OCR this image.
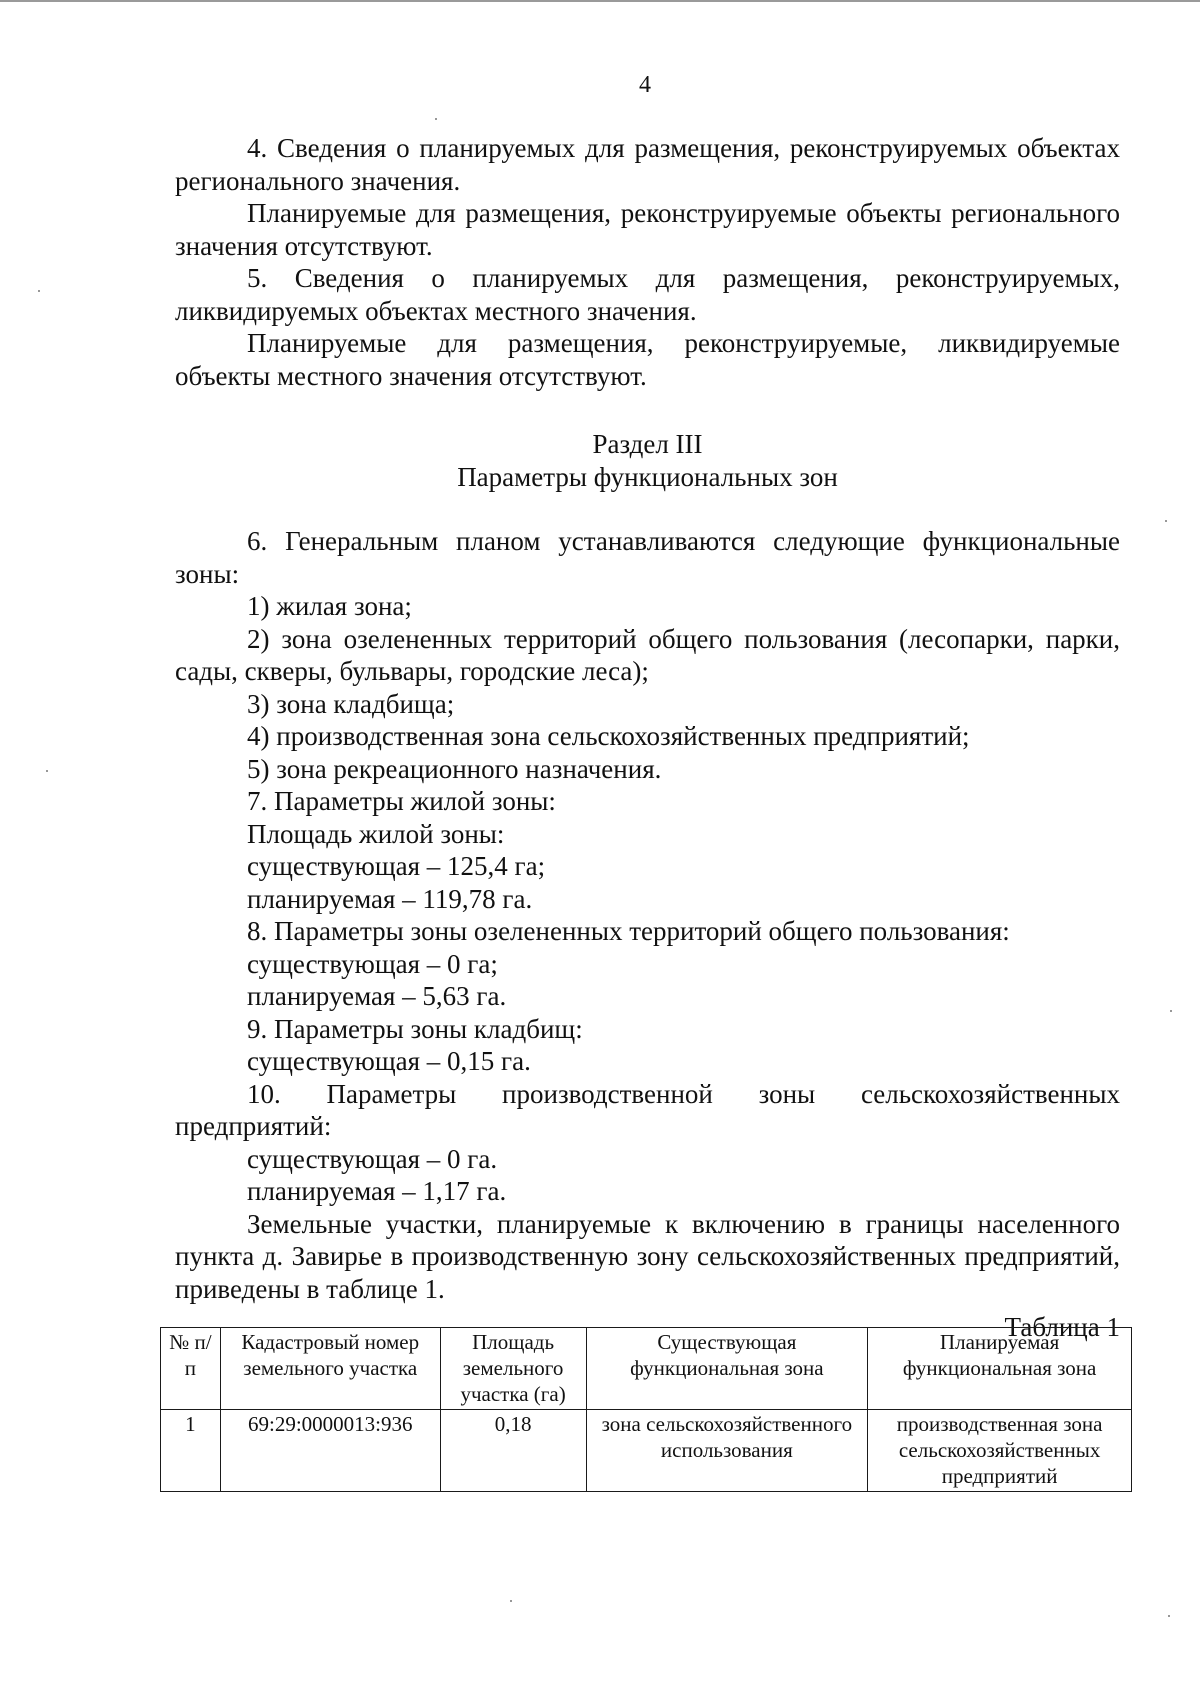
4

4. Сведения о планируемых для размещения, реконструируемых объектах регионального значения.

Планируемые для размещения, реконструируемые объекты регионального значения отсутствуют.

5. Сведения о планируемых для размещения, реконструируемых, ликвидируемых объектах местного значения.

Планируемые для размещения, реконструируемые, ликвидируемые объекты местного значения отсутствуют.

Раздел III

Параметры функциональных зон

6. Генеральным планом устанавливаются следующие функциональные зоны:

1) жилая зона;

2) зона озелененных территорий общего пользования (лесопарки, парки, сады, скверы, бульвары, городские леса);

3) зона кладбища;

4) производственная зона сельскохозяйственных предприятий;

5) зона рекреационного назначения.

7. Параметры жилой зоны:

Площадь жилой зоны:

существующая – 125,4 га;

планируемая – 119,78 га.

8. Параметры зоны озелененных территорий общего пользования:

существующая – 0 га;

планируемая – 5,63 га.

9. Параметры зоны кладбищ:

существующая – 0,15 га.

10. Параметры производственной зоны сельскохозяйственных предприятий:

существующая – 0 га.

планируемая – 1,17 га.

Земельные участки, планируемые к включению в границы населенного пункта д. Завирье в производственную зону сельскохозяйственных предприятий, приведены в таблице 1.

Таблица 1

№ п/п	Кадастровый номер земельного участка	Площадь земельного участка (га)	Существующая функциональная зона	Планируемая функциональная зона
1	69:29:0000013:936	0,18	зона сельскохозяйственного использования	производственная зона сельскохозяйственных предприятий
